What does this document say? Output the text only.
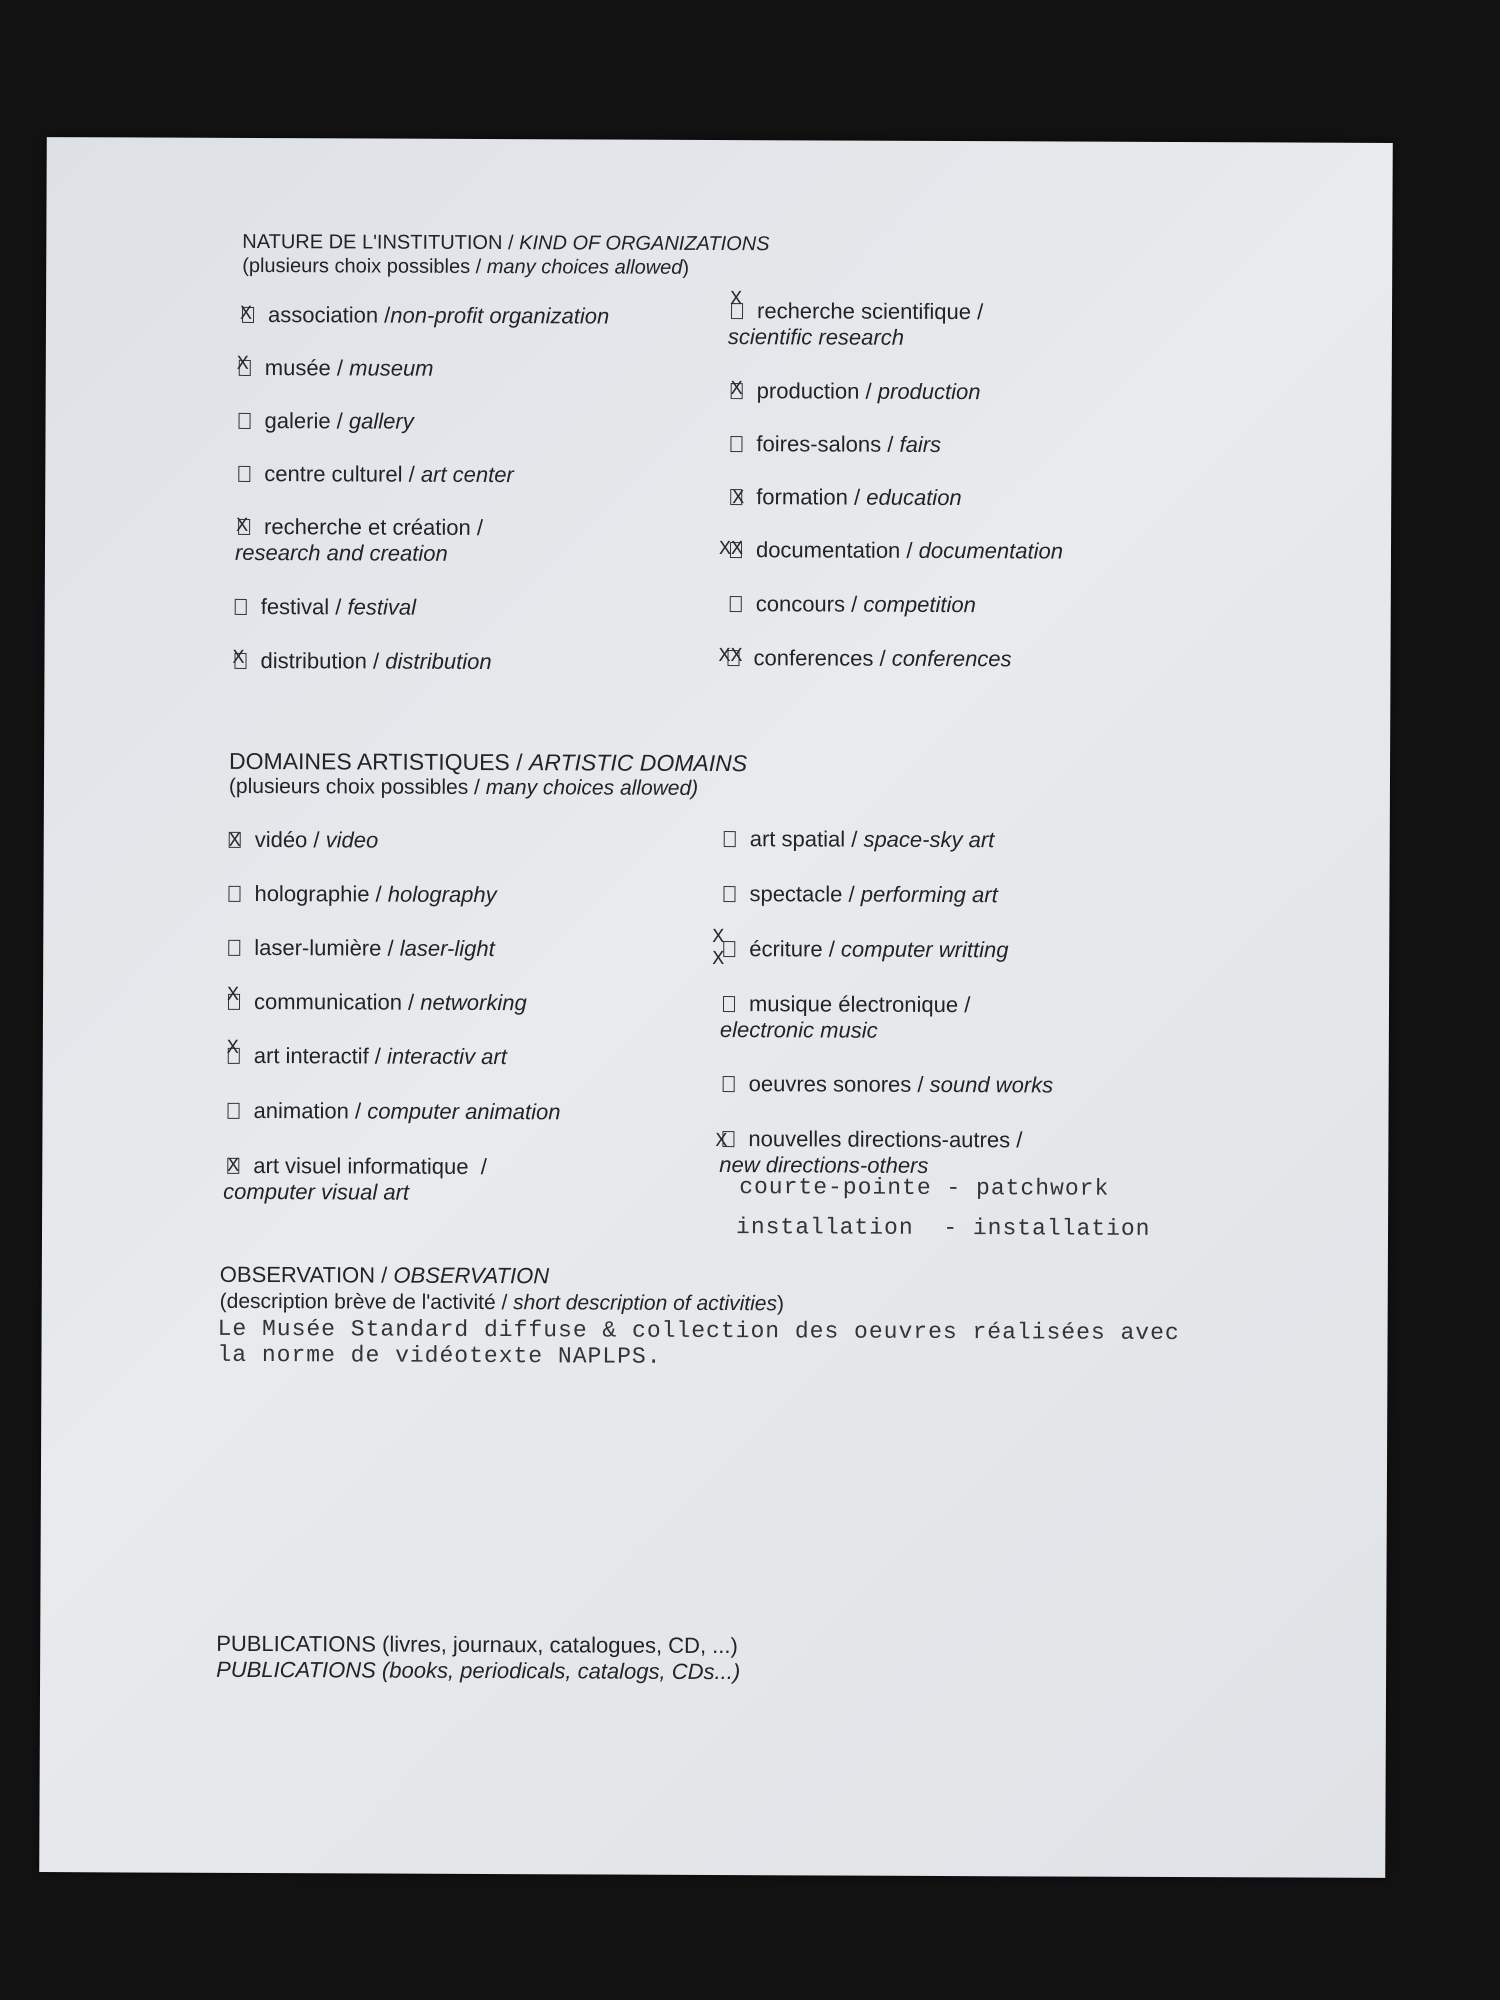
NATURE DE L'INSTITUTION / KIND OF ORGANIZATIONS
(plusieurs choix possibles / many choices allowed)
X association /non-profit organization
X musée / museum
galerie / gallery
centre culturel / art center
X recherche et création /
research and creation
festival / festival
X distribution / distribution
X recherche scientifique /
scientific research
X production / production
foires-salons / fairs
X formation / education
XX documentation / documentation
concours / competition
XX conferences / conferences
DOMAINES ARTISTIQUES / ARTISTIC DOMAINS
(plusieurs choix possibles / many choices allowed)
X vidéo / video
holographie / holography
laser-lumière / laser-light
X communication / networking
X art interactif / interactiv art
animation / computer animation
X art visuel informatique  /
computer visual art
art spatial / space-sky art
spectacle / performing art
X
X écriture / computer writting
musique électronique /
electronic music
oeuvres sonores / sound works
X nouvelles directions-autres /
new directions-others
courte-pointe - patchwork
installation  - installation
OBSERVATION / OBSERVATION
(description brève de l'activité / short description of activities)
Le Musée Standard diffuse & collection des oeuvres réalisées avec
la norme de vidéotexte NAPLPS.
PUBLICATIONS (livres, journaux, catalogues, CD, ...)
PUBLICATIONS (books, periodicals, catalogs, CDs...)
